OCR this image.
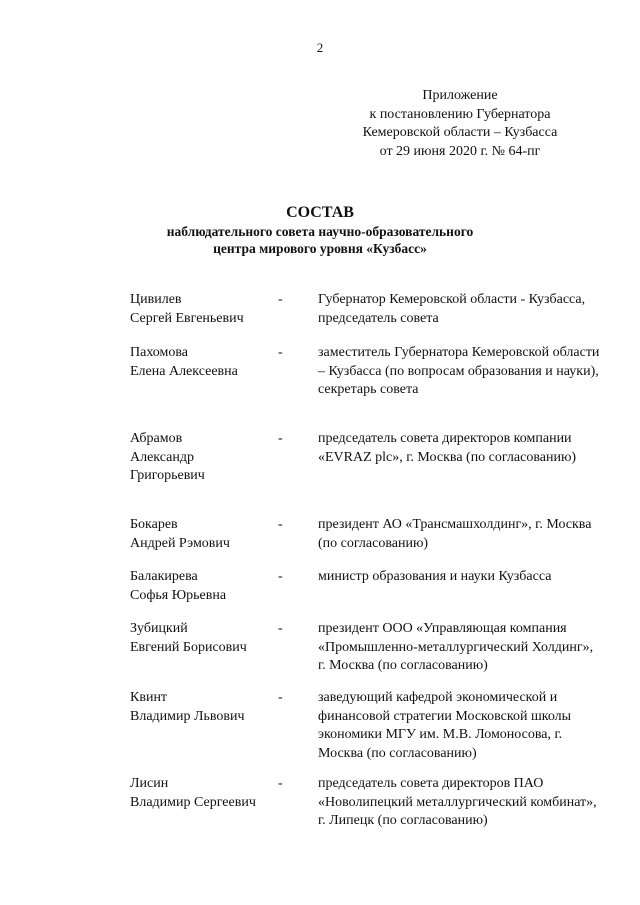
2
Приложение
к постановлению Губернатора
Кемеровской области – Кузбасса
от 29 июня 2020 г. № 64-пг
СОСТАВ
наблюдательного совета научно-образовательного
центра мирового уровня «Кузбасс»
Цивилев
Сергей Евгеньевич
-	Губернатор Кемеровской области - Кузбасса, председатель совета
Пахомова
Елена Алексеевна
-	заместитель Губернатора Кемеровской области – Кузбасса (по вопросам образования и науки), секретарь совета
Абрамов
Александр
Григорьевич
-	председатель совета директоров компании «EVRAZ plc», г. Москва (по согласованию)
Бокарев
Андрей Рэмович
-	президент АО «Трансмашхолдинг», г. Москва (по согласованию)
Балакирева
Софья Юрьевна
-	министр образования и науки Кузбасса
Зубицкий
Евгений Борисович
-	президент ООО «Управляющая компания «Промышленно-металлургический Холдинг», г. Москва (по согласованию)
Квинт
Владимир Львович
-	заведующий кафедрой экономической и финансовой стратегии Московской школы экономики МГУ им. М.В. Ломоносова, г. Москва (по согласованию)
Лисин
Владимир Сергеевич
-	председатель совета директоров ПАО «Новолипецкий металлургический комбинат», г. Липецк (по согласованию)
